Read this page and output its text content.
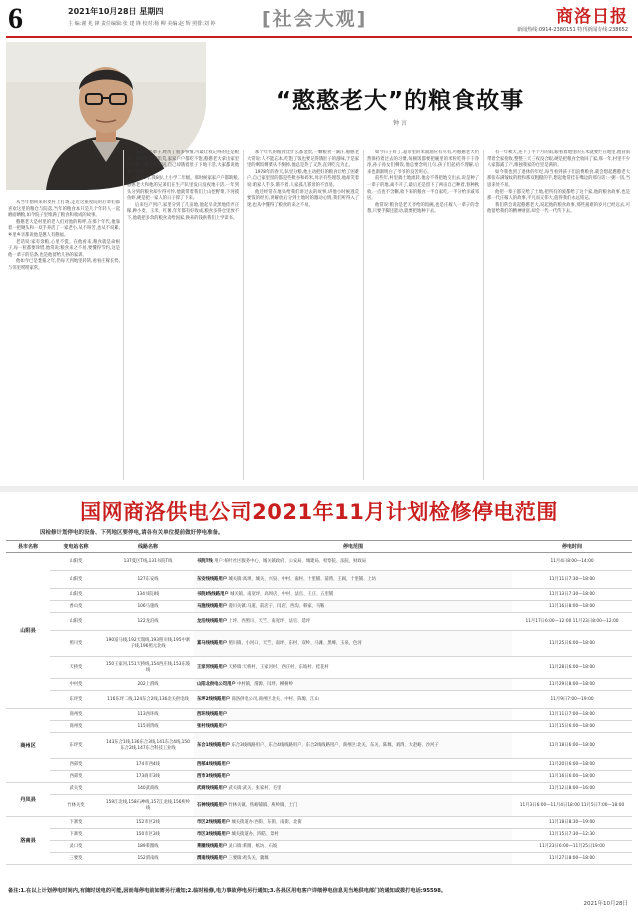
6	2021年10月28日 星期四
主 编:谢 兆 锋 责任编辑:张 建 锋 校对:杨 柳 美编:赵 辉 照排:刘 婷	[社会大观]	商洛日报
新闻热线:0914-2380151 特刊新闻专线:238652
“憨憨老大”的粮食故事
钟 言

从当年割回来的麦秆上打场,走近这座屋院的后辈们都喜欢这里的粮仓与院落,当年的粮食本只是几个年轻人一起磨面晒粮,如今院子里堆满了粮食和收成的故事。

憨憨老大是村里的老人们对他的称呼,在那个年代,他靠着一把锄头和一双手养活了一家老小,从不叫苦,也从不说累,乡里乡亲都说他是憨人有憨福。

老话说:家有余粮,心里不慌。在他看来,粮食就是命根子,每一粒都要珍惜,他常说:粮食来之不易,要懂得节约,这是他一辈子的信条,也是他留给儿孙的家训。

他如今已是耄耋之年,仍每天到地里转转,看看庄稼长势,与邻里唠唠家常。

我读大半辈子,经历了很多事情,可最让我记得的还是粮食。那年村里闹饥荒,家家户户都吃不饱,憨憨老大拿出家里仅有的口粮分给邻居,自己却饿着肚子下地干活,大家都说他是个实在人。

1960年,我8岁,上小学二年级。那时候家家户户都缺粮,憨憨老大和他的兄弟们在生产队里没日没夜地干活,一年到头分到的粮食却少得可怜,他就带着我们上山挖野菜,下河摸鱼虾,硬是把一家人的日子撑了下来。

后来包产到户,家里分到了几亩地,他起早贪黑地侍弄庄稼,种小麦、玉米、红薯,年年都有好收成,粮食多得仓里放不下,他就把多余的粮食卖给国家,换来的钱供我们上学读书。

那个年代的粮食比什么都金贵,一颗粮食一滴汗,憨憨老大常说:人不能忘本,吃饱了饭也要记得饿肚子的滋味,于是家里的剩饭剩菜从不倒掉,他总是热了又热,直到吃完为止。

1978年的春天,队里分粮,他主动把好的粮食让给了困难户,自己家里留的都是些秕谷和碎米,母亲有些埋怨,他却笑着说:咱家人手多,饿不着,人家孤儿寡母的不容易。

他还经常在地头给我们讲过去的故事,讲他小时候逃荒要饭的经历,讲解放后分到土地时的激动心情,我们听得入了迷,也从中懂得了粮食的来之不易。

如今日子好了,超市里的米面油应有尽有,可憨憨老大仍然保持着过去的习惯,每顿饭都要把碗里的米粒吃得干干净净,孙子孙女们剩饭,他总要念叨几句,孩子们起初不理解,后来也渐渐明白了爷爷的良苦用心。

前些年,村里搞土地流转,他舍不得把地交出去,说是种了一辈子的地,离不开了,最后还是留下了两亩自己种着,春种秋收,一点也不含糊,收下来的粮食一半自家吃,一半分给亲戚邻居。

他常说:粮食是老天爷给的饭碗,也是庄稼人一辈子的念想,只要手脚还能动,就要把地种下去。

有一年秋天,连下了半个月的雨,眼看着地里的玉米就要烂在地里,他冒雨带着全家抢收,整整三天三夜没合眼,硬是把粮食全收回了家,那一年,村里不少人家都减了产,唯独我家的仓里是满的。

如今我也到了退休的年纪,每当看到孩子们浪费粮食,就会想起憨憨老大那张布满皱纹的脸和那双粗糙的手,想起他常挂在嘴边的那句话:一粥一饭,当思来处不易。

他把一辈子都交给了土地,把所有的爱都给了这个家,他的粮食故事,也是那一代庄稼人的故事,平凡而又伟大,值得我们永远铭记。

我们常会说起憨憨老大,说起他的粮食故事,那些艰难的岁月已经远去,可他留给我们的精神财富,却会一代一代传下去。

国网商洛供电公司2021年11月计划检修停电范围
因检修计划停电的设备、下列地区要停电,请各有关单位提前做好停电准备。
县市名称	变电站名称	线路名称	停电范围	停电时间
山阳县	山阳变	137夏区T线,131书院T线	书院T线 用户:柏叶社区服务中心、城关镇政府、公安局、城建局、检察院、法院、财政局	11月4日8:00—14:00
	山阳变	127东安线	东安线线路用户 城关镇:高坝、城关、兴泉、中村、南村、十里铺、前湾、王阎、十里铺、上坊	11月11日7:30—18:00
	山阳变	134书院I线	书院I线线路用户 城关镇、南宽坪、高坝店、中村、法官、王庄、五里铺	11月13日7:30—18:00
	香山变	106马施线	马施线线路用户 漫川关镇:马道、前店子、闫店、西沟、韩家、马鞍	11月16日8:00—18:00
	山阳变	122龙泊线	龙泊线线路用户 上坪、西照川、天竺、南宽坪、法官、延坪	11月17日6:00—12:00 11月23日8:00—12:00
	照川变	190富马线,192天瑞线,193照川线,195中寨子线,196照元北线	富马线线路用户 照川镇、小河口、天竺、南坪、东村、双岭、马滩、黑峰、玉泉、色河	11月25日6:00—18:00
	天桥变	150王家河,151天桥线,154西庄线,153东坡线	王家河线路用户 天桥镇:天桥村、王家河村、西庄村、东坡村、桂花村	11月28日6:00—18:00
	中村变	202上渭线	山阳北供电公司用户 中村镇、渭源、闫坪、柳树岭	11月29日8:00—18:00
	东坪变	116东坪二线,124东合2线,136北关供电线	东坪2线线路用户 商洛供电公司,商州区北关、中村、陈塬、江山	11月9日7:00—19:00
商州区	商州变	113西环线	西环线线路用户	11月11日7:00—18:00
	商州变	115刘湾线	张村线线路用户	11月15日6:00—18:00
	东坪变	143东合1线,136东合3线,141东合4线,150东合2线,147东合科技工业线	东合1线线路用户 东合3线线路用户、东合4线线路用户、东合2线线路用户、商州区:北关、东关、陈塬、刘湾、大赵峪、沙河子	11月18日6:00—18:00
	西部变	174市西4线	西部4线线路用户	11月20日6:00—18:00
	西部变	173商市3线	西市3线线路用户	11月16日6:00—18:00
丹凤县	武关变	140武商线	武商线线路用户 武关镇:武关、张家村、毛里	11月12日8:00—16:00
	竹林关变	159江北线,158石神线,157江龙线,156庾岭线	石神线线路用户 竹林关镇、铁峪铺镇、庾岭镇、土门	11月3日6:00—11月4日18:00 11月5日7:00—18:00
洛南县	下寨变	152市区2线	市区2线线路用户 城关街道办:西街、东街、南街、北街	11月18日8:30—19:00
	下寨变	150市区3线	市区3线线路用户 城关街道办、四皓、景村	11月15日7:30—12:30
	灵口变	189莱圈线	莱圈线线路用户 灵口镇:莱圈、纸坊、石坡	11月23日6:00—11月25日19:00
	三要变	152渭南线	渭南线线路用户 三要镇:鸡头关、冀塬	11月27日8:00—18:00
备注:1.在以上计划停电时间内,有随时送电的可能,因而每停电前如需另行通知;2.临时检修,电力事故停电另行通知;3.各县区用电客户详细停电信息见当地供电部门的通知或拨打电话:95598。
2021年10月28日
